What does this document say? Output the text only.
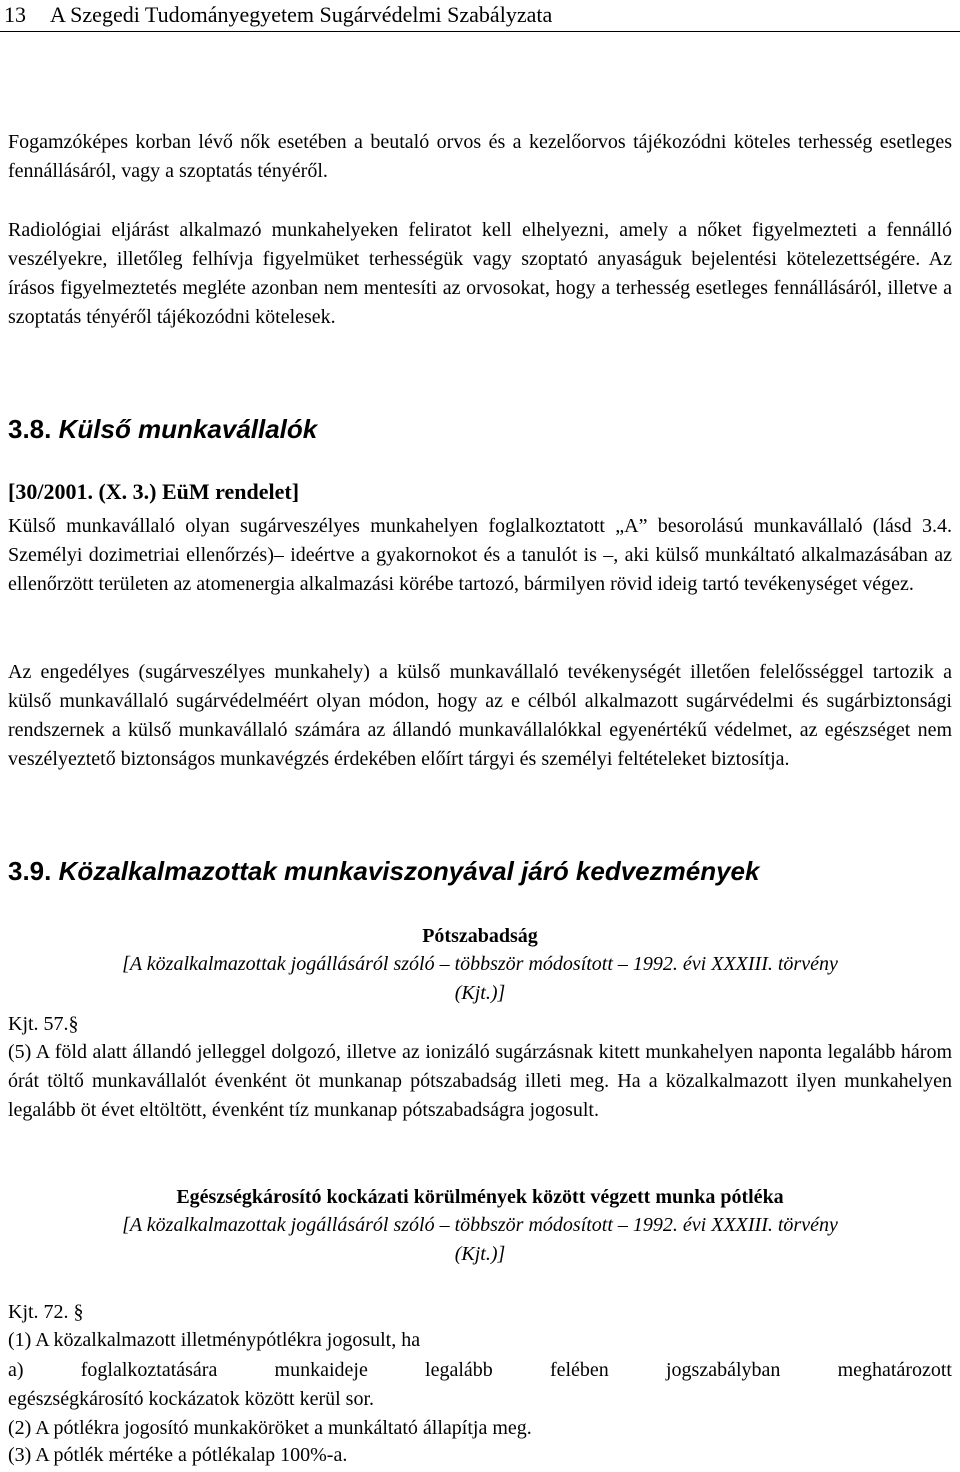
13 A Szegedi Tudományegyetem Sugárvédelmi Szabályzata
Fogamzóképes korban lévő nők esetében a beutaló orvos és a kezelőorvos tájékozódni köteles terhesség esetleges fennállásáról, vagy a szoptatás tényéről.
Radiológiai eljárást alkalmazó munkahelyeken feliratot kell elhelyezni, amely a nőket figyelmezteti a fennálló veszélyekre, illetőleg felhívja figyelmüket terhességük vagy szoptató anyaságuk bejelentési kötelezettségére. Az írásos figyelmeztetés megléte azonban nem mentesíti az orvosokat, hogy a terhesség esetleges fennállásáról, illetve a szoptatás tényéről tájékozódni kötelesek.
3.8. Külső munkavállalók
[30/2001. (X. 3.) EüM rendelet]
Külső munkavállaló olyan sugárveszélyes munkahelyen foglalkoztatott „A” besorolású munkavállaló (lásd 3.4. Személyi dozimetriai ellenőrzés)– ideértve a gyakornokot és a tanulót is –, aki külső munkáltató alkalmazásában az ellenőrzött területen az atomenergia alkalmazási körébe tartozó, bármilyen rövid ideig tartó tevékenységet végez.
Az engedélyes (sugárveszélyes munkahely) a külső munkavállaló tevékenységét illetően felelősséggel tartozik a külső munkavállaló sugárvédelméért olyan módon, hogy az e célból alkalmazott sugárvédelmi és sugárbiztonsági rendszernek a külső munkavállaló számára az állandó munkavállalókkal egyenértékű védelmet, az egészséget nem veszélyeztető biztonságos munkavégzés érdekében előírt tárgyi és személyi feltételeket biztosítja.
3.9. Közalkalmazottak munkaviszonyával járó kedvezmények
Pótszabadság
[A közalkalmazottak jogállásáról szóló – többször módosított – 1992. évi XXXIII. törvény
(Kjt.)]
Kjt. 57.§
(5) A föld alatt állandó jelleggel dolgozó, illetve az ionizáló sugárzásnak kitett munkahelyen naponta legalább három órát töltő munkavállalót évenként öt munkanap pótszabadság illeti meg. Ha a közalkalmazott ilyen munkahelyen legalább öt évet eltöltött, évenként tíz munkanap pótszabadságra jogosult.
Egészségkárosító kockázati körülmények között végzett munka pótléka
[A közalkalmazottak jogállásáról szóló – többször módosított – 1992. évi XXXIII. törvény
(Kjt.)]
Kjt. 72. §
(1) A közalkalmazott illetménypótlékra jogosult, ha
a)	foglalkoztatására	munkaideje	legalább	felében	jogszabályban	meghatározott
egészségkárosító kockázatok között kerül sor.
(2) A pótlékra jogosító munkaköröket a munkáltató állapítja meg.
(3) A pótlék mértéke a pótlékalap 100%-a.
